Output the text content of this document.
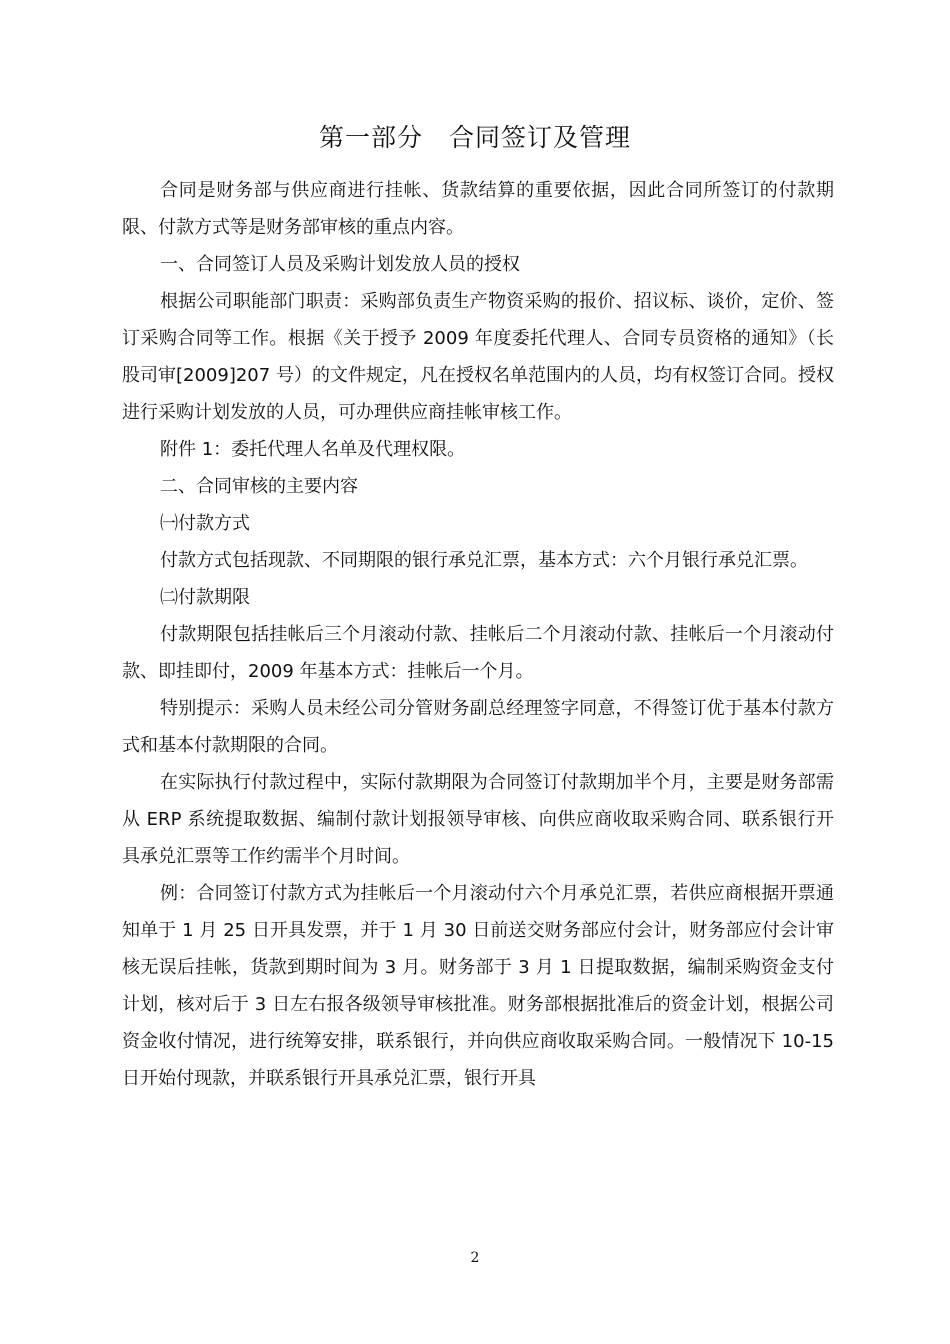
第一部分　合同签订及管理

合同是财务部与供应商进行挂帐、货款结算的重要依据，因此合同所签订的付款期限、付款方式等是财务部审核的重点内容。

一、合同签订人员及采购计划发放人员的授权

根据公司职能部门职责：采购部负责生产物资采购的报价、招议标、谈价，定价、签订采购合同等工作。根据《关于授予 2009 年度委托代理人、合同专员资格的通知》（长股司审[2009]207 号）的文件规定，凡在授权名单范围内的人员，均有权签订合同。授权进行采购计划发放的人员，可办理供应商挂帐审核工作。

附件 1：委托代理人名单及代理权限。

二、合同审核的主要内容

㈠付款方式

付款方式包括现款、不同期限的银行承兑汇票，基本方式：六个月银行承兑汇票。

㈡付款期限

付款期限包括挂帐后三个月滚动付款、挂帐后二个月滚动付款、挂帐后一个月滚动付款、即挂即付，2009 年基本方式：挂帐后一个月。

特别提示：采购人员未经公司分管财务副总经理签字同意，不得签订优于基本付款方式和基本付款期限的合同。

在实际执行付款过程中，实际付款期限为合同签订付款期加半个月，主要是财务部需从 ERP 系统提取数据、编制付款计划报领导审核、向供应商收取采购合同、联系银行开具承兑汇票等工作约需半个月时间。

例：合同签订付款方式为挂帐后一个月滚动付六个月承兑汇票，若供应商根据开票通知单于 1 月 25 日开具发票，并于 1 月 30 日前送交财务部应付会计，财务部应付会计审核无误后挂帐，货款到期时间为 3 月。财务部于 3 月 1 日提取数据，编制采购资金支付计划，核对后于 3 日左右报各级领导审核批准。财务部根据批准后的资金计划，根据公司资金收付情况，进行统筹安排，联系银行，并向供应商收取采购合同。一般情况下 10-15 日开始付现款，并联系银行开具承兑汇票，银行开具

2
